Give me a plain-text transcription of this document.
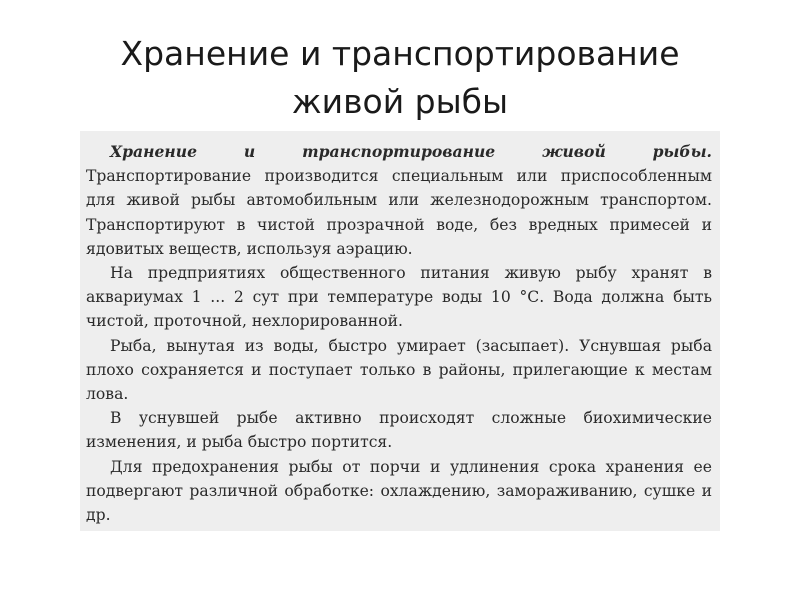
Хранение и транспортирование
живой рыбы

Хранение и транспортирование живой рыбы. Транспортирование производится специальным или приспособленным для живой рыбы автомобильным или железнодорожным транспортом. Транспортируют в чистой прозрачной воде, без вредных примесей и ядовитых веществ, используя аэрацию.

На предприятиях общественного питания живую рыбу хранят в аквариумах 1 ... 2 сут при температуре воды 10 °С. Вода должна быть чистой, проточной, нехлорированной.

Рыба, вынутая из воды, быстро умирает (засыпает). Уснувшая рыба плохо сохраняется и поступает только в районы, прилегающие к местам лова.

В уснувшей рыбе активно происходят сложные биохимические изменения, и рыба быстро портится.

Для предохранения рыбы от порчи и удлинения срока хранения ее подвергают различной обработке: охлаждению, замораживанию, сушке и др.
